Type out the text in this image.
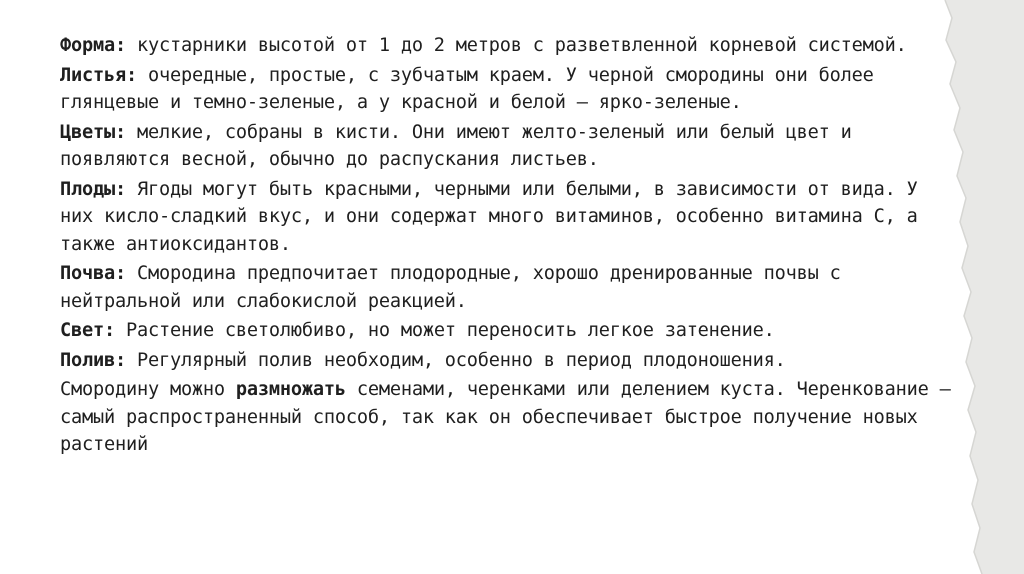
Форма: кустарники высотой от 1 до 2 метров с разветвленной корневой системой.

Листья: очередные, простые, с зубчатым краем. У черной смородины они более глянцевые и темно-зеленые, а у красной и белой — ярко-зеленые.

Цветы: мелкие, собраны в кисти. Они имеют желто-зеленый или белый цвет и появляются весной, обычно до распускания листьев.

Плоды: Ягоды могут быть красными, черными или белыми, в зависимости от вида. У них кисло-сладкий вкус, и они содержат много витаминов, особенно витамина C, а также антиоксидантов.

Почва: Смородина предпочитает плодородные, хорошо дренированные почвы с нейтральной или слабокислой реакцией.

Свет: Растение светолюбиво, но может переносить легкое затенение.

Полив: Регулярный полив необходим, особенно в период плодоношения.

Смородину можно размножать семенами, черенками или делением куста. Черенкование — самый распространенный способ, так как он обеспечивает быстрое получение новых растений
